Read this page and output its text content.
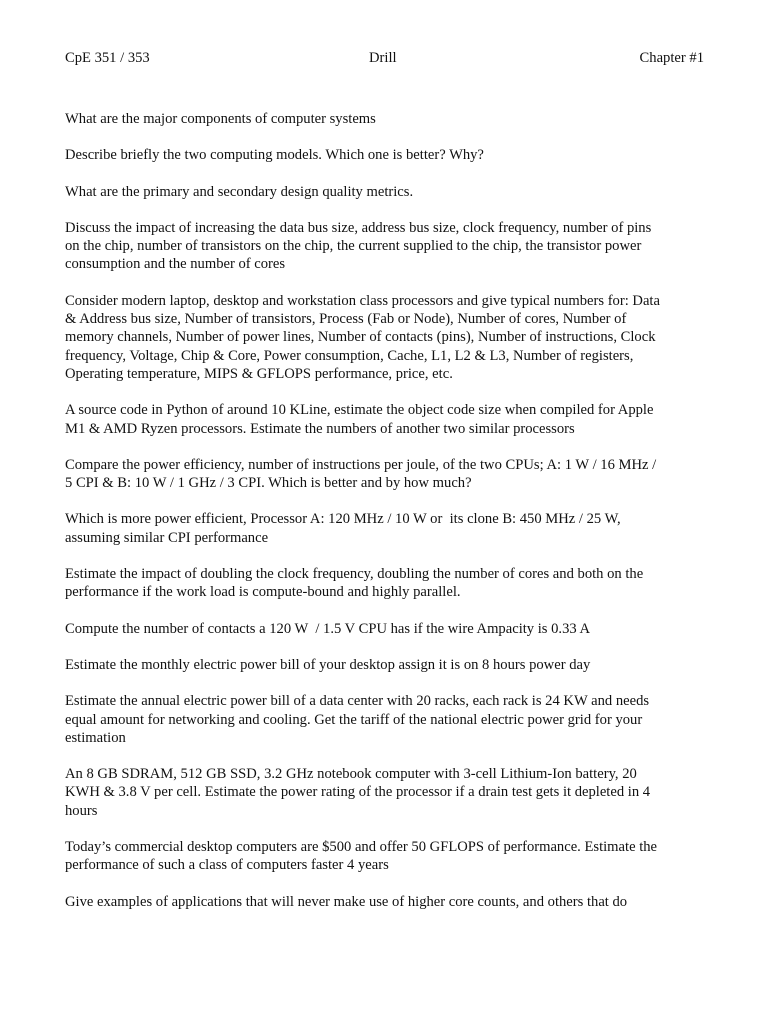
CpE 351 / 353	Drill	Chapter #1
What are the major components of computer systems
Describe briefly the two computing models. Which one is better? Why?
What are the primary and secondary design quality metrics.
Discuss the impact of increasing the data bus size, address bus size, clock frequency, number of pins
on the chip, number of transistors on the chip, the current supplied to the chip, the transistor power
consumption and the number of cores
Consider modern laptop, desktop and workstation class processors and give typical numbers for: Data
& Address bus size, Number of transistors, Process (Fab or Node), Number of cores, Number of
memory channels, Number of power lines, Number of contacts (pins), Number of instructions, Clock
frequency, Voltage, Chip & Core, Power consumption, Cache, L1, L2 & L3, Number of registers,
Operating temperature, MIPS & GFLOPS performance, price, etc.
A source code in Python of around 10 KLine, estimate the object code size when compiled for Apple
M1 & AMD Ryzen processors. Estimate the numbers of another two similar processors
Compare the power efficiency, number of instructions per joule, of the two CPUs; A: 1 W / 16 MHz /
5 CPI & B: 10 W / 1 GHz / 3 CPI. Which is better and by how much?
Which is more power efficient, Processor A: 120 MHz / 10 W or  its clone B: 450 MHz / 25 W,
assuming similar CPI performance
Estimate the impact of doubling the clock frequency, doubling the number of cores and both on the
performance if the work load is compute-bound and highly parallel.
Compute the number of contacts a 120 W  / 1.5 V CPU has if the wire Ampacity is 0.33 A
Estimate the monthly electric power bill of your desktop assign it is on 8 hours power day
Estimate the annual electric power bill of a data center with 20 racks, each rack is 24 KW and needs
equal amount for networking and cooling. Get the tariff of the national electric power grid for your
estimation
An 8 GB SDRAM, 512 GB SSD, 3.2 GHz notebook computer with 3-cell Lithium-Ion battery, 20
KWH & 3.8 V per cell. Estimate the power rating of the processor if a drain test gets it depleted in 4
hours
Today’s commercial desktop computers are $500 and offer 50 GFLOPS of performance. Estimate the
performance of such a class of computers faster 4 years
Give examples of applications that will never make use of higher core counts, and others that do
